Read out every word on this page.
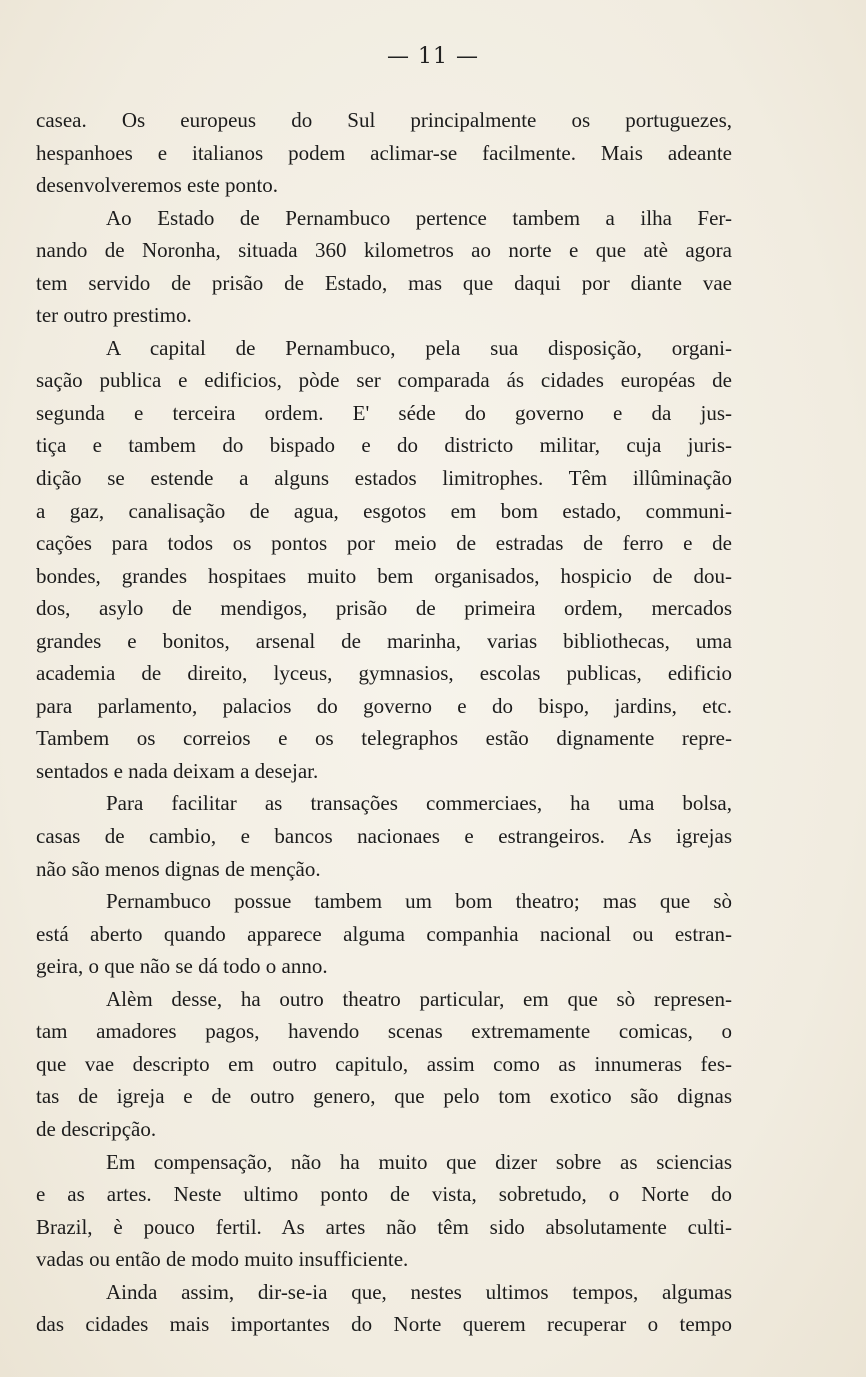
— 11 —
casea. Os europeus do Sul principalmente os portuguezes,
hespanhoes e italianos podem aclimar-se facilmente. Mais adeante
desenvolveremos este ponto.
Ao Estado de Pernambuco pertence tambem a ilha Fer-
nando de Noronha, situada 360 kilometros ao norte e que atè agora
tem servido de prisão de Estado, mas que daqui por diante vae
ter outro prestimo.
A capital de Pernambuco, pela sua disposição, organi-
sação publica e edificios, pòde ser comparada ás cidades européas de
segunda e terceira ordem. E' séde do governo e da jus-
tiça e tambem do bispado e do districto militar, cuja juris-
dição se estende a alguns estados limitrophes. Têm illûminação
a gaz, canalisação de agua, esgotos em bom estado, communi-
cações para todos os pontos por meio de estradas de ferro e de
bondes, grandes hospitaes muito bem organisados, hospicio de dou-
dos, asylo de mendigos, prisão de primeira ordem, mercados
grandes e bonitos, arsenal de marinha, varias bibliothecas, uma
academia de direito, lyceus, gymnasios, escolas publicas, edificio
para parlamento, palacios do governo e do bispo, jardins, etc.
Tambem os correios e os telegraphos estão dignamente repre-
sentados e nada deixam a desejar.
Para facilitar as transações commerciaes, ha uma bolsa,
casas de cambio, e bancos nacionaes e estrangeiros. As igrejas
não são menos dignas de menção.
Pernambuco possue tambem um bom theatro; mas que sò
está aberto quando apparece alguma companhia nacional ou estran-
geira, o que não se dá todo o anno.
Alèm desse, ha outro theatro particular, em que sò represen-
tam amadores pagos, havendo scenas extremamente comicas, o
que vae descripto em outro capitulo, assim como as innumeras fes-
tas de igreja e de outro genero, que pelo tom exotico são dignas
de descripção.
Em compensação, não ha muito que dizer sobre as sciencias
e as artes. Neste ultimo ponto de vista, sobretudo, o Norte do
Brazil, è pouco fertil. As artes não têm sido absolutamente culti-
vadas ou então de modo muito insufficiente.
Ainda assim, dir-se-ia que, nestes ultimos tempos, algumas
das cidades mais importantes do Norte querem recuperar o tempo
